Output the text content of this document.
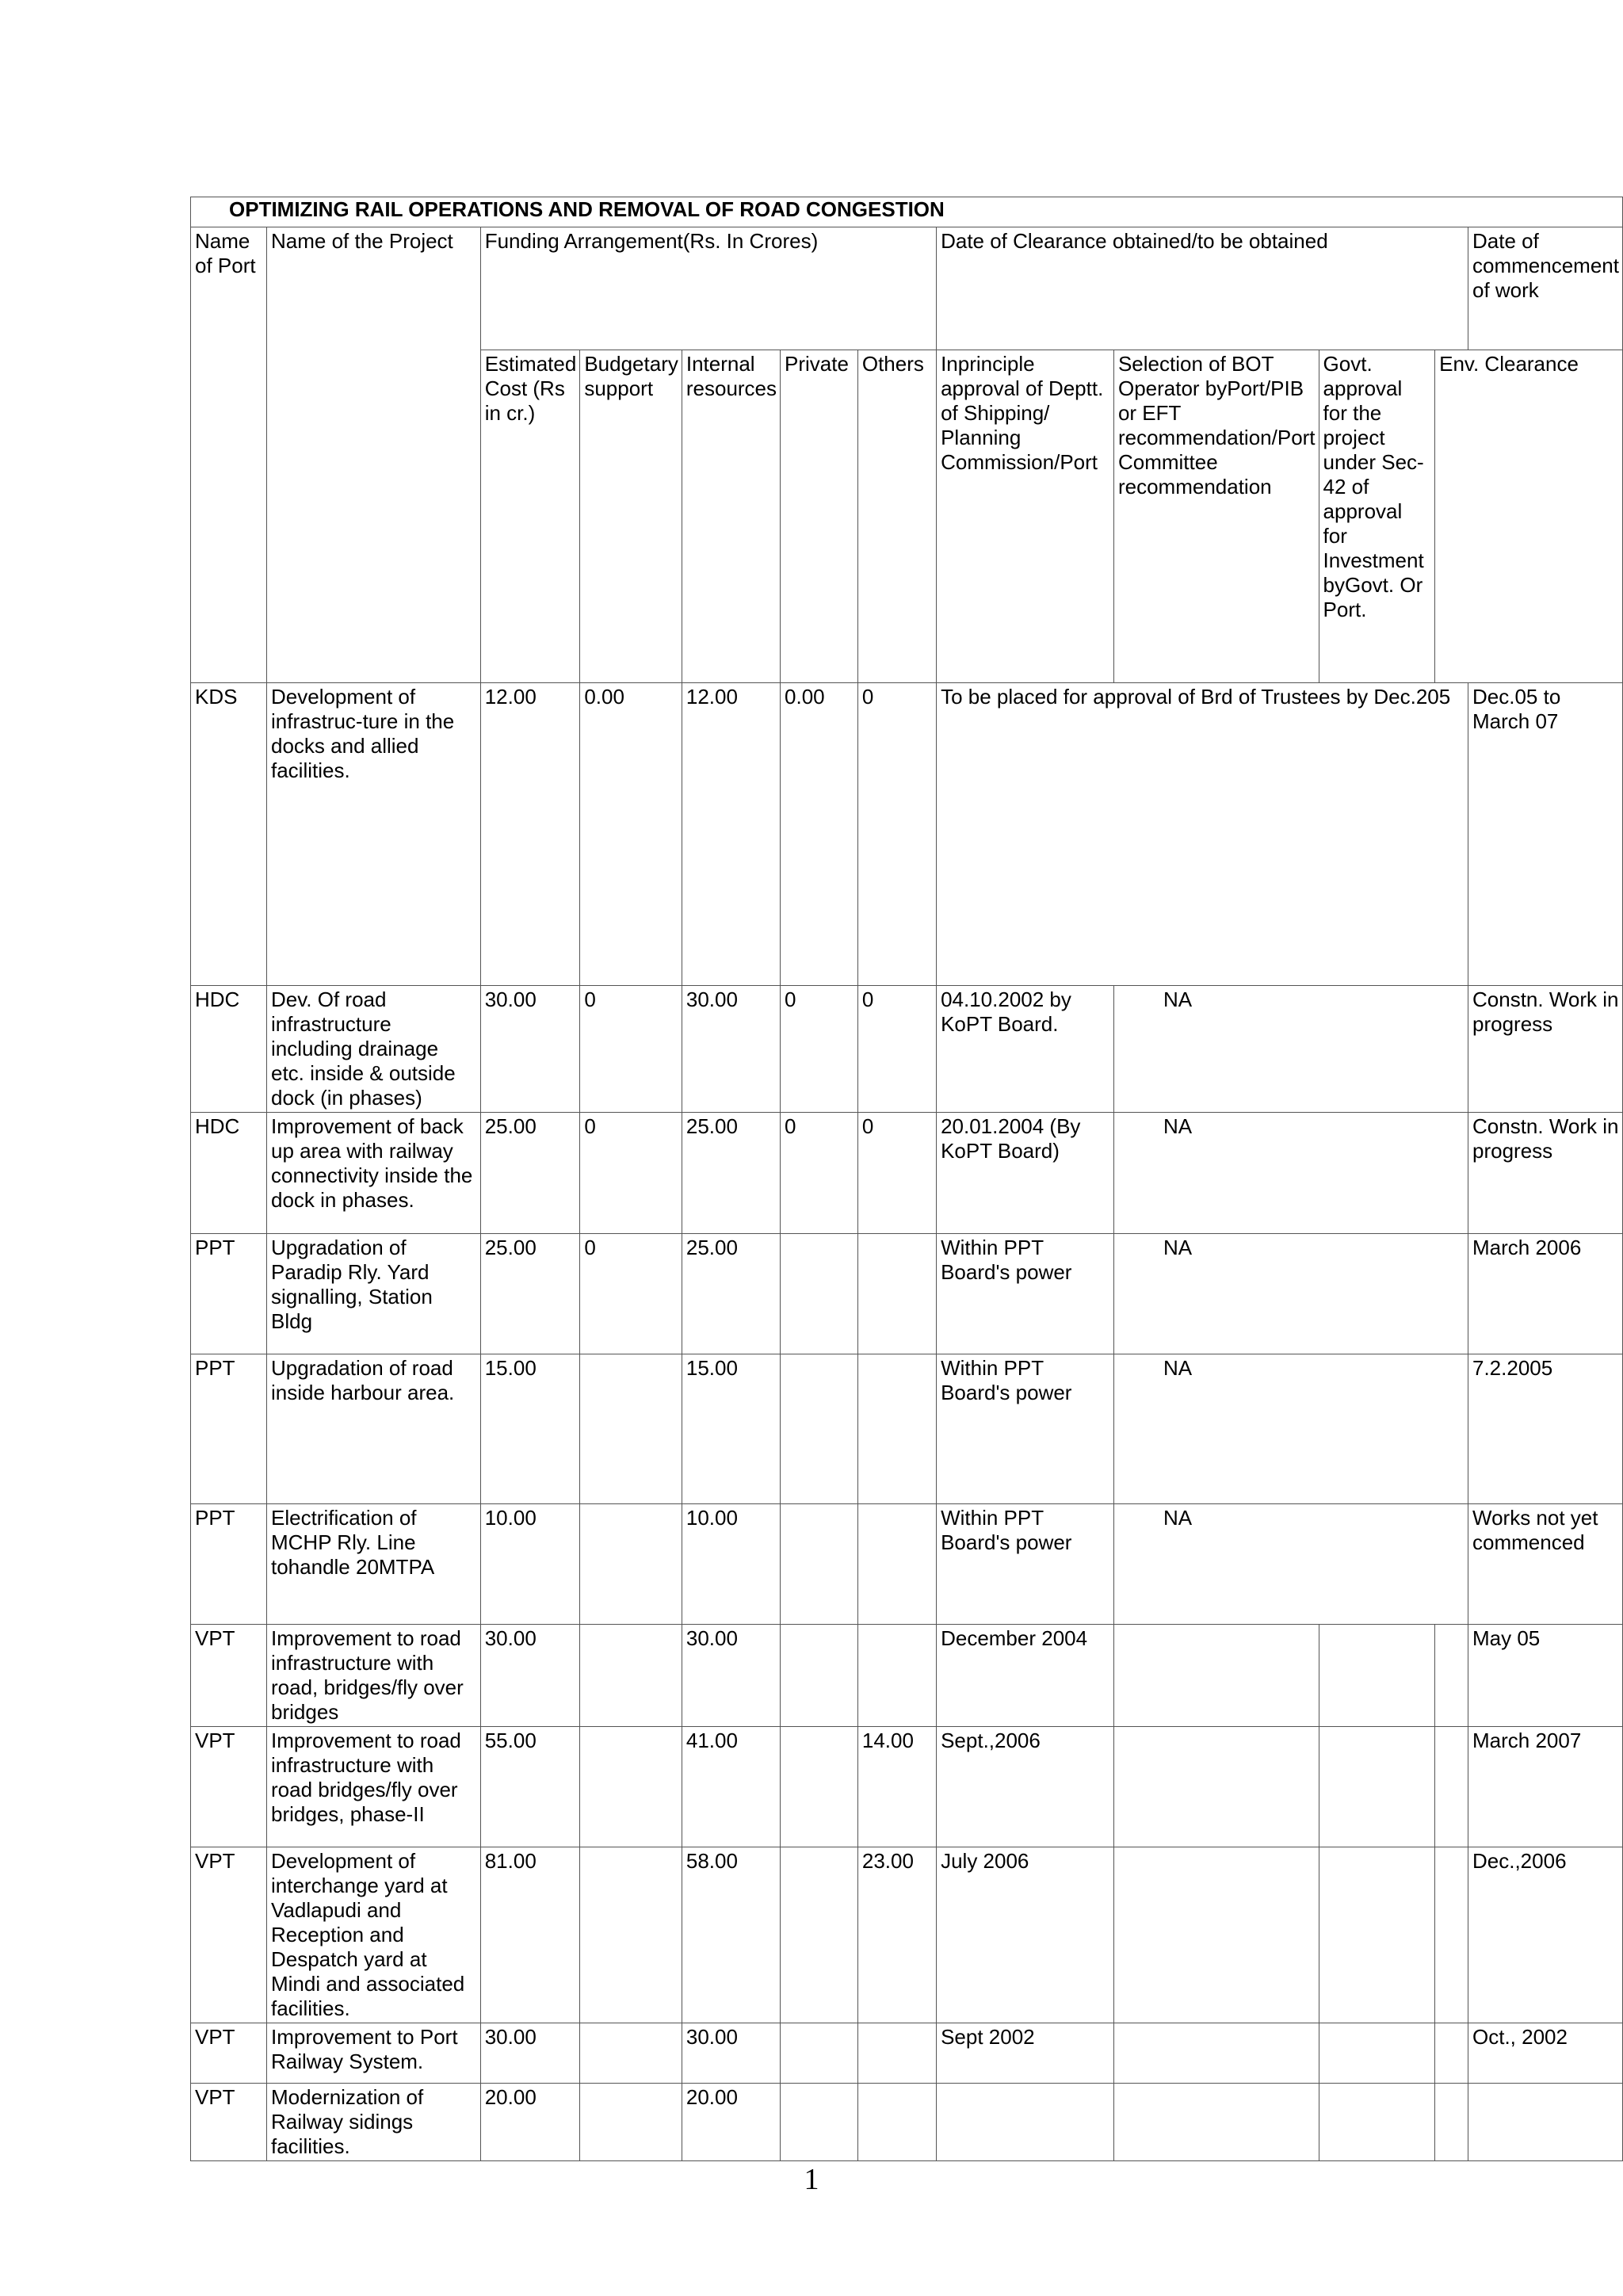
OPTIMIZING RAIL OPERATIONS AND REMOVAL OF ROAD CONGESTION											
Name of Port	Name of the Project	Funding Arrangement(Rs. In Crores)					Date of Clearance obtained/to be obtained				Date of commencement of work
		Estimated Cost (Rs in cr.)	Budgetary support	Internal resources	Private	Others	Inprinciple approval of Deptt. of Shipping/ Planning Commission/Port	Selection of BOT Operator byPort/PIB or EFT recommendation/Port Committee recommendation	Govt. approval for the project under Sec-42 of approval for Investment byGovt. Or Port.	Env. Clearance	
KDS	Development of infrastruc-ture in the docks and allied facilities.	12.00	0.00	12.00	0.00	0	To be placed for approval of Brd of Trustees by Dec.205				Dec.05 to March 07
HDC	Dev. Of road infrastructure including drainage etc. inside & outside dock (in phases)	30.00	0	30.00	0	0	04.10.2002 by KoPT Board.	NA			Constn. Work in progress
HDC	Improvement of back up area with railway connectivity inside the dock in phases.	25.00	0	25.00	0	0	20.01.2004 (By KoPT Board)	NA			Constn. Work in progress
PPT	Upgradation of Paradip Rly. Yard signalling, Station Bldg	25.00	0	25.00			Within PPT Board's power	NA			March 2006
PPT	Upgradation of road inside harbour area.	15.00		15.00			Within PPT Board's power	NA			7.2.2005
PPT	Electrification of MCHP Rly. Line tohandle 20MTPA	10.00		10.00			Within PPT Board's power	NA			Works not yet commenced
VPT	Improvement to road infrastructure with road, bridges/fly over bridges	30.00		30.00			December 2004				May 05
VPT	Improvement to road infrastructure with road bridges/fly over bridges, phase-II	55.00		41.00		14.00	Sept.,2006				March 2007
VPT	Development of interchange yard at Vadlapudi and Reception and Despatch yard at Mindi and associated facilities.	81.00		58.00		23.00	July 2006				Dec.,2006
VPT	Improvement to Port Railway System.	30.00		30.00			Sept 2002				Oct., 2002
VPT	Modernization of Railway sidings facilities.	20.00		20.00							
1
